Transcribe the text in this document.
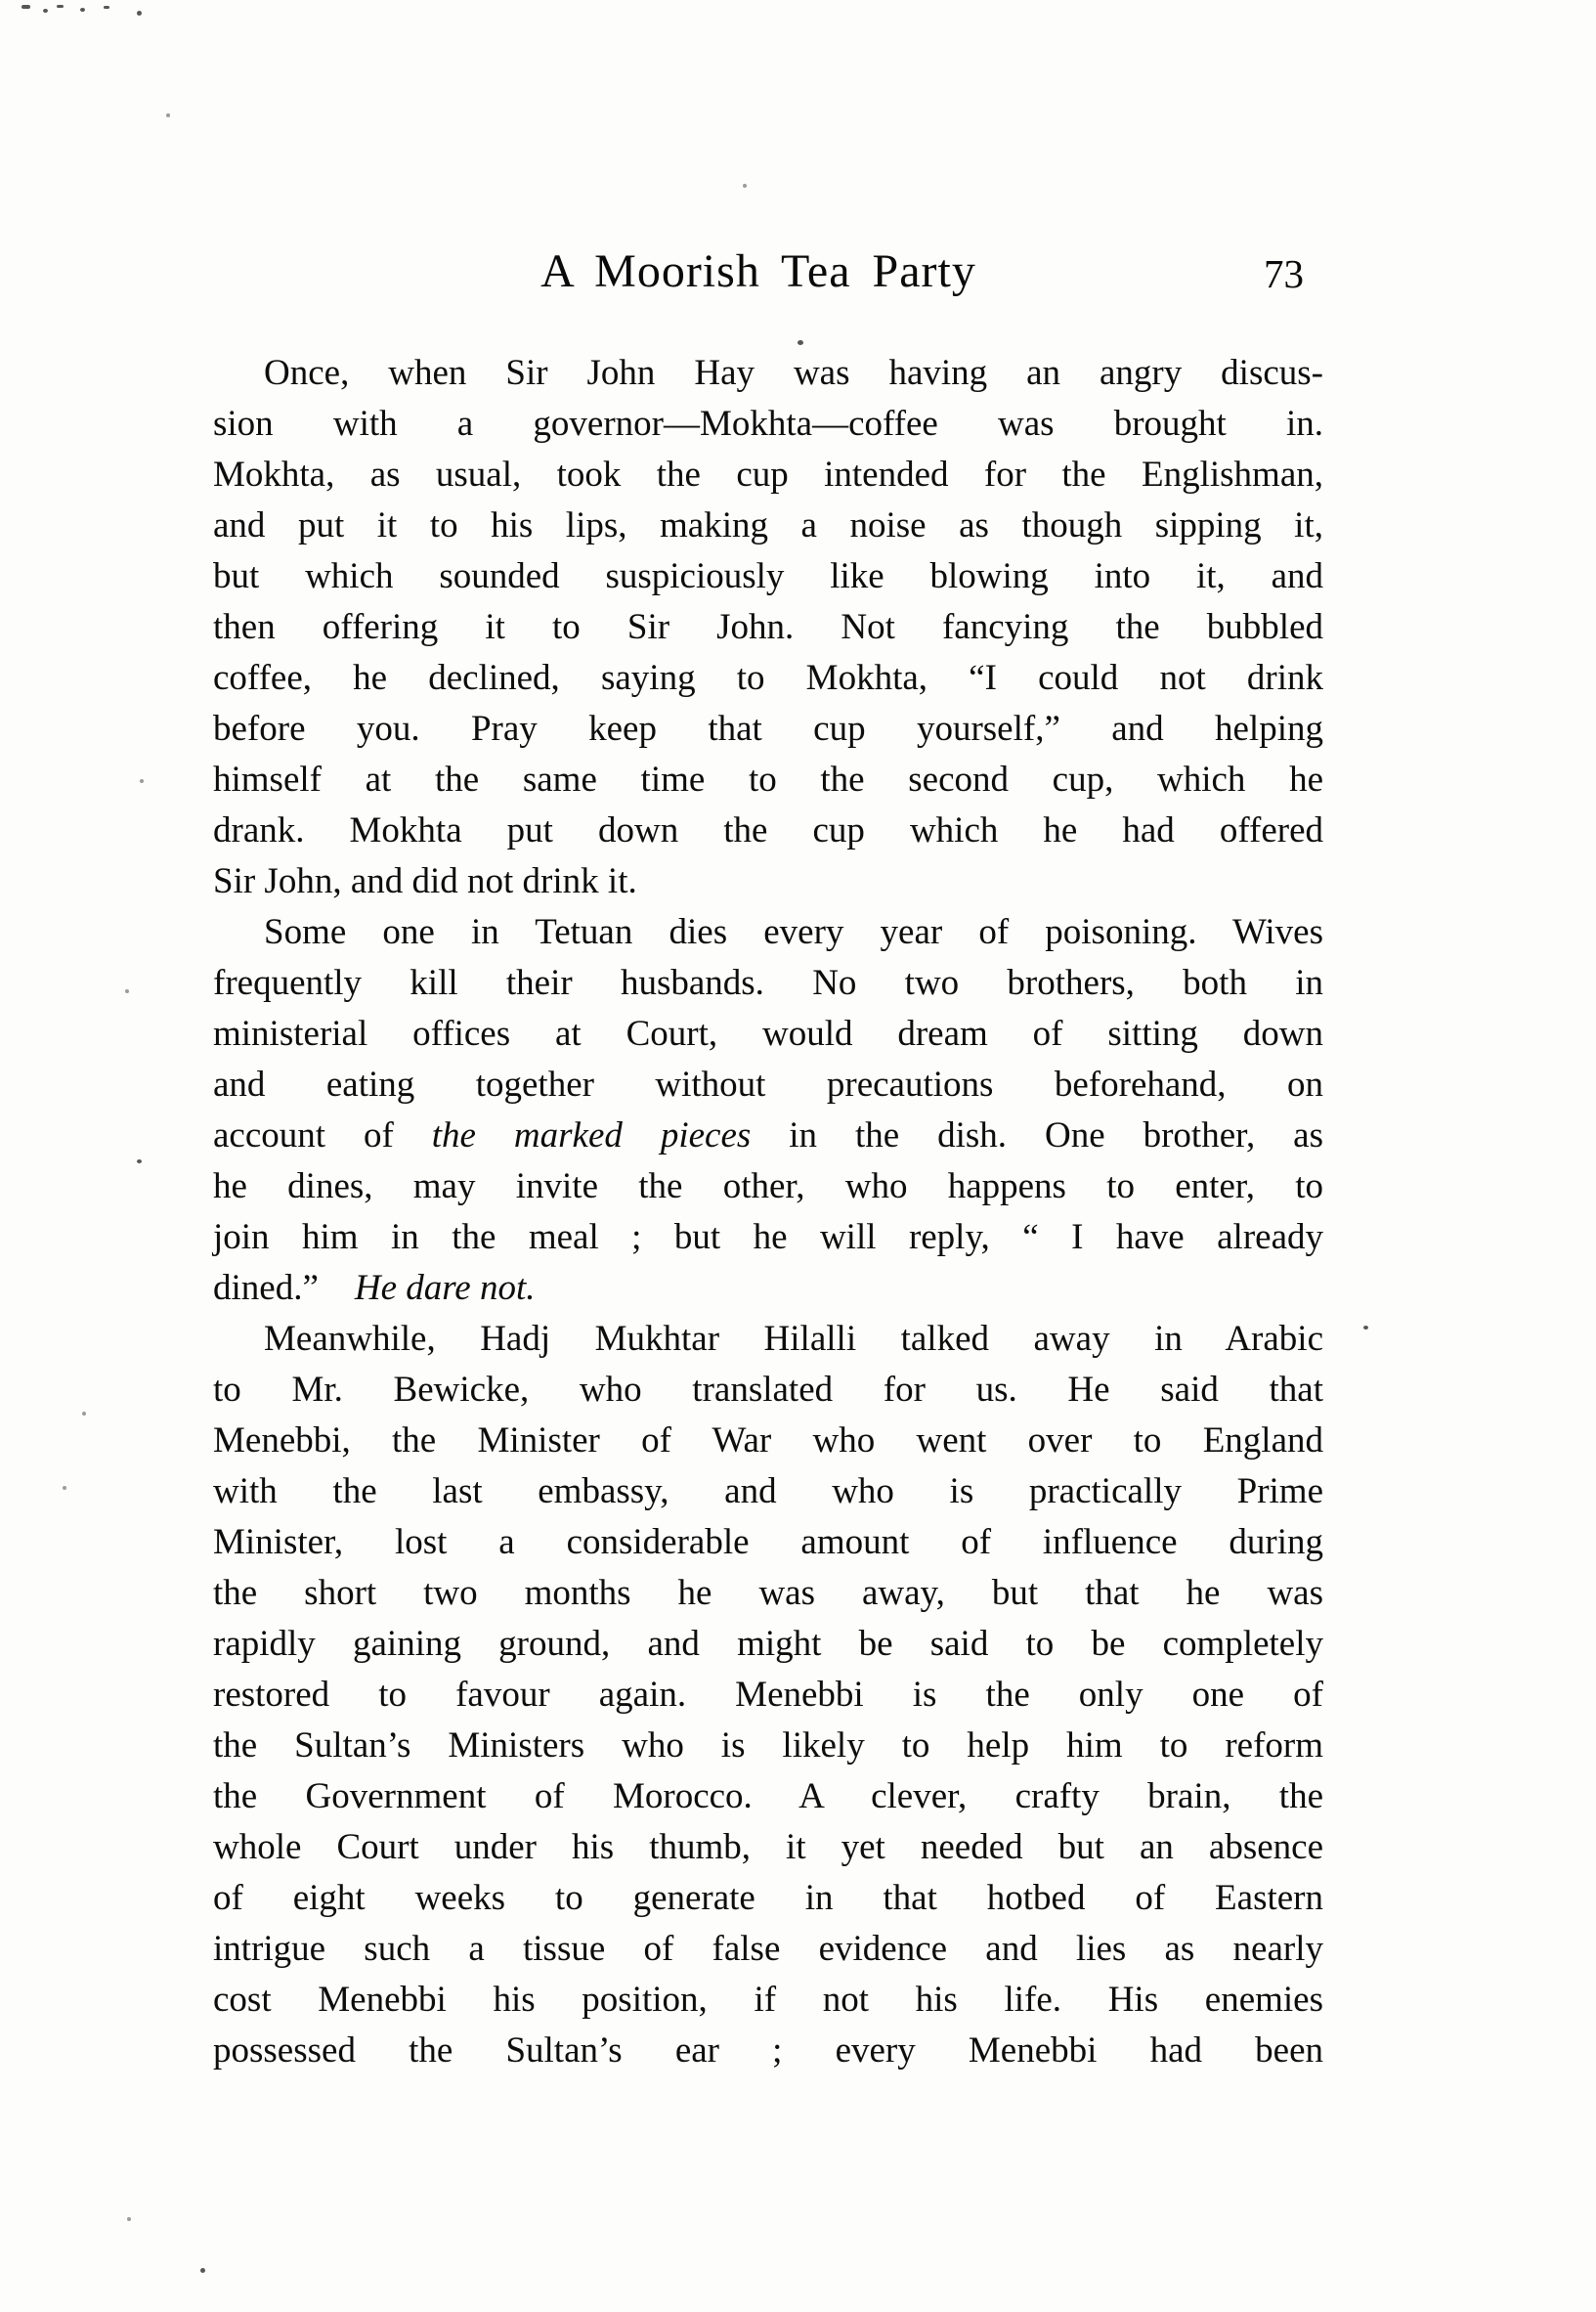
A Moorish Tea Party	73
Once, when Sir John Hay was having an angry discus-
sion with a governor—Mokhta—coffee was brought in.
Mokhta, as usual, took the cup intended for the Englishman,
and put it to his lips, making a noise as though sipping it,
but which sounded suspiciously like blowing into it, and
then offering it to Sir John. Not fancying the bubbled
coffee, he declined, saying to Mokhta, “I could not drink
before you. Pray keep that cup yourself,” and helping
himself at the same time to the second cup, which he
drank. Mokhta put down the cup which he had offered
Sir John, and did not drink it.
Some one in Tetuan dies every year of poisoning. Wives
frequently kill their husbands. No two brothers, both in
ministerial offices at Court, would dream of sitting down
and eating together without precautions beforehand, on
account of the marked pieces in the dish. One brother, as
he dines, may invite the other, who happens to enter, to
join him in the meal ; but he will reply, “ I have already
dined.” He dare not.
Meanwhile, Hadj Mukhtar Hilalli talked away in Arabic
to Mr. Bewicke, who translated for us. He said that
Menebbi, the Minister of War who went over to England
with the last embassy, and who is practically Prime
Minister, lost a considerable amount of influence during
the short two months he was away, but that he was
rapidly gaining ground, and might be said to be completely
restored to favour again. Menebbi is the only one of
the Sultan’s Ministers who is likely to help him to reform
the Government of Morocco. A clever, crafty brain, the
whole Court under his thumb, it yet needed but an absence
of eight weeks to generate in that hotbed of Eastern
intrigue such a tissue of false evidence and lies as nearly
cost Menebbi his position, if not his life. His enemies
possessed the Sultan’s ear ; every Menebbi had been
